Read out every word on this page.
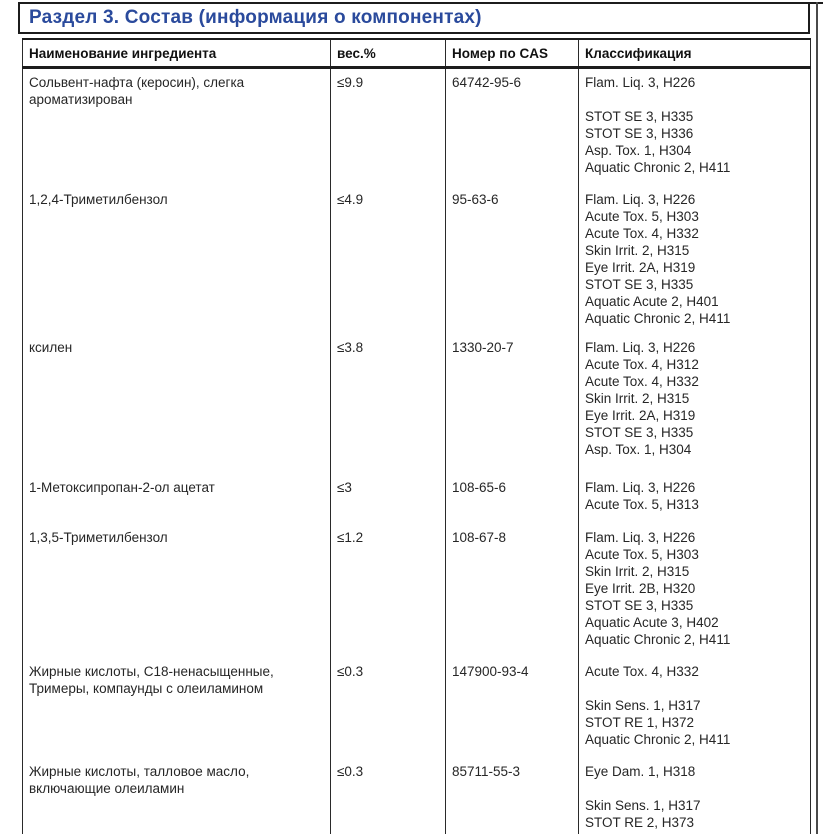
Раздел 3. Состав (информация о компонентах)
Наименование ингредиента	вес.%	Номер по CAS	Классификация

Сольвент-нафта (керосин), слегка
ароматизирован
	≤9.9	64742-95-6	Flam. Liq. 3, H226

STOT SE 3, H335
STOT SE 3, H336
Asp. Tox. 1, H304
Aquatic Chronic 2, H411

1,2,4-Триметилбензол	≤4.9	95-63-6	Flam. Liq. 3, H226
Acute Tox. 5, H303
Acute Tox. 4, H332
Skin Irrit. 2, H315
Eye Irrit. 2A, H319
STOT SE 3, H335
Aquatic Acute 2, H401
Aquatic Chronic 2, H411

ксилен	≤3.8	1330-20-7	Flam. Liq. 3, H226
Acute Tox. 4, H312
Acute Tox. 4, H332
Skin Irrit. 2, H315
Eye Irrit. 2A, H319
STOT SE 3, H335
Asp. Tox. 1, H304

1-Метоксипропан-2-ол ацетат	≤3	108-65-6	Flam. Liq. 3, H226
Acute Tox. 5, H313

1,3,5-Триметилбензол	≤1.2	108-67-8	Flam. Liq. 3, H226
Acute Tox. 5, H303
Skin Irrit. 2, H315
Eye Irrit. 2B, H320
STOT SE 3, H335
Aquatic Acute 3, H402
Aquatic Chronic 2, H411

Жирные кислоты, C18-ненасыщенные,
Тримеры, компаунды с олеиламином
	≤0.3	147900-93-4	Acute Tox. 4, H332

Skin Sens. 1, H317
STOT RE 1, H372
Aquatic Chronic 2, H411

Жирные кислоты, талловое масло,
включающие олеиламин
	≤0.3	85711-55-3	Eye Dam. 1, H318

Skin Sens. 1, H317
STOT RE 2, H373
